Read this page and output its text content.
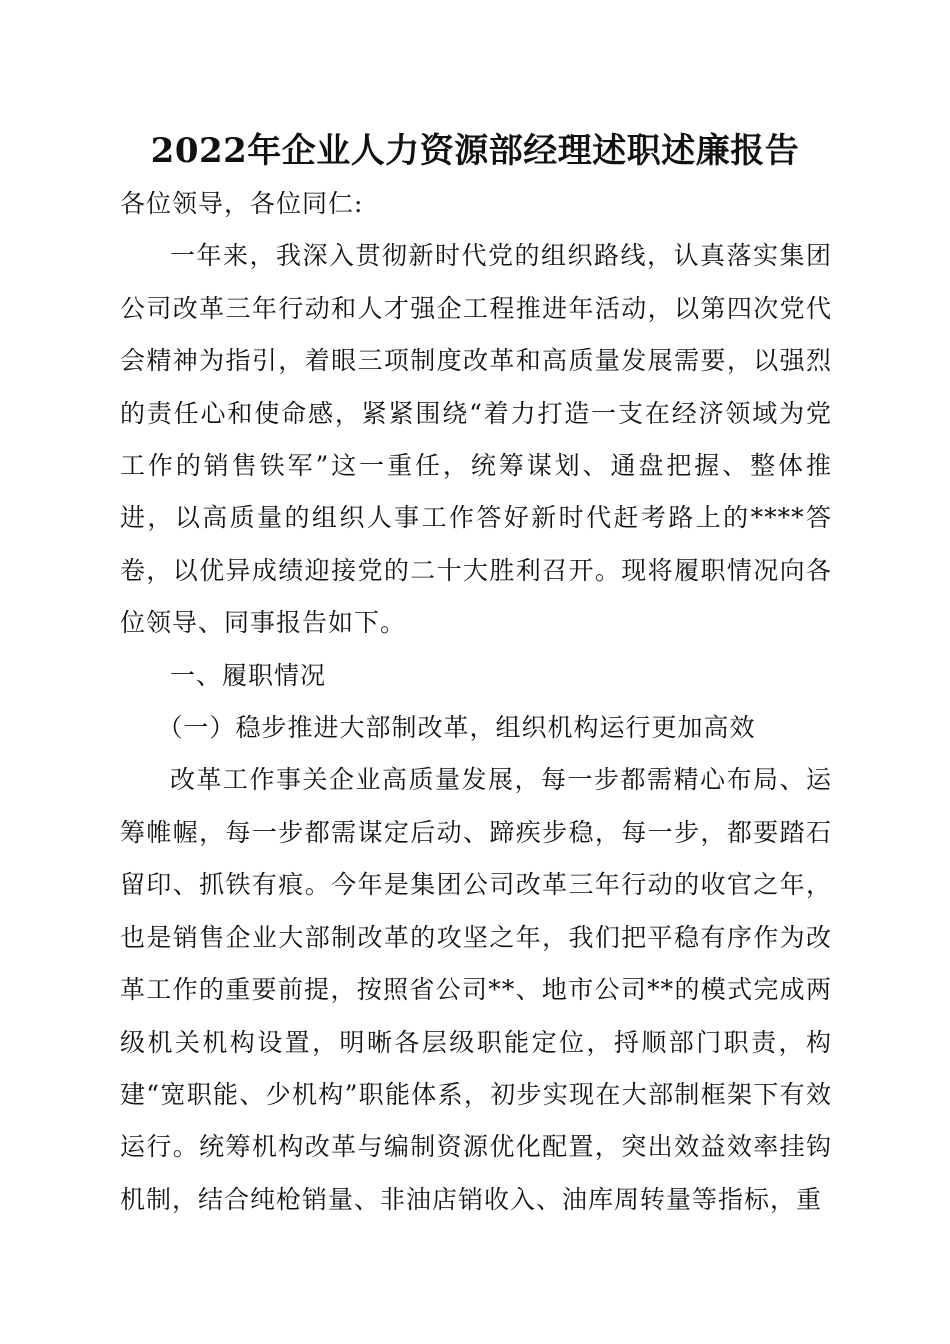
2022年企业人力资源部经理述职述廉报告

各位领导，各位同仁:

一年来，我深入贯彻新时代党的组织路线，认真落实集团公司改革三年行动和人才强企工程推进年活动，以第四次党代会精神为指引，着眼三项制度改革和高质量发展需要，以强烈的责任心和使命感，紧紧围绕“着力打造一支在经济领域为党工作的销售铁军”这一重任，统筹谋划、通盘把握、整体推进，以高质量的组织人事工作答好新时代赶考路上的****答卷，以优异成绩迎接党的二十大胜利召开。现将履职情况向各位领导、同事报告如下。

一、履职情况

（一）稳步推进大部制改革，组织机构运行更加高效

改革工作事关企业高质量发展，每一步都需精心布局、运筹帷幄，每一步都需谋定后动、蹄疾步稳，每一步，都要踏石留印、抓铁有痕。今年是集团公司改革三年行动的收官之年，也是销售企业大部制改革的攻坚之年，我们把平稳有序作为改革工作的重要前提，按照省公司**、地市公司**的模式完成两级机关机构设置，明晰各层级职能定位，捋顺部门职责，构建“宽职能、少机构”职能体系，初步实现在大部制框架下有效运行。统筹机构改革与编制资源优化配置，突出效益效率挂钩机制，结合纯枪销量、非油店销收入、油库周转量等指标，重
